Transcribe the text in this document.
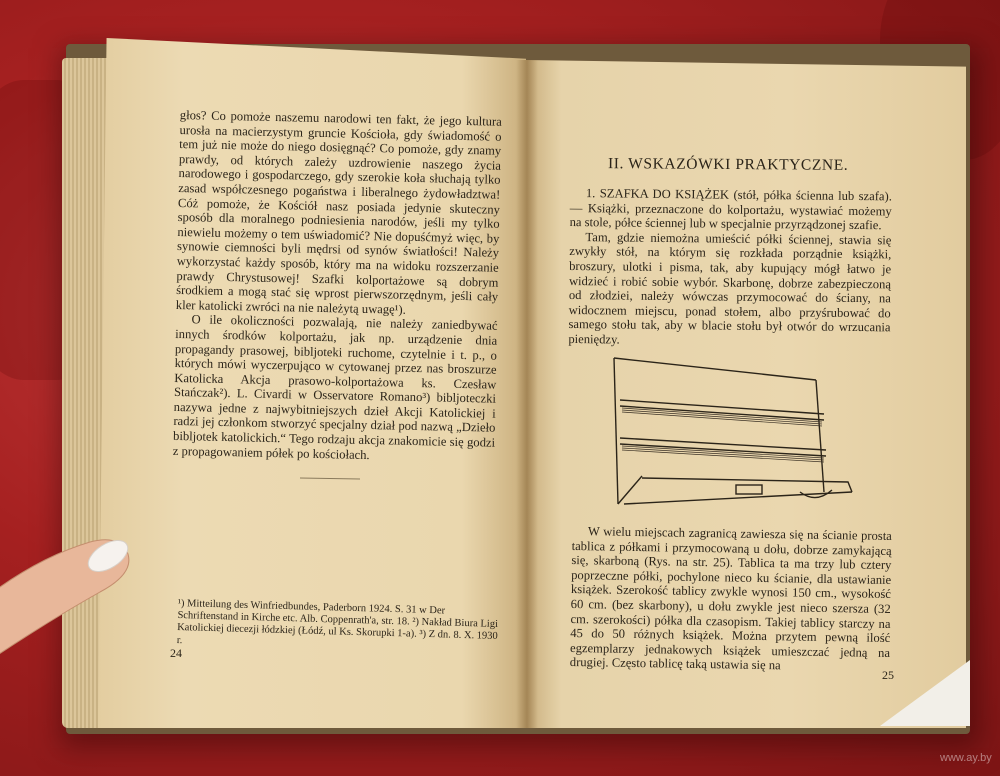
głos? Co pomoże naszemu narodowi ten fakt, że jego kultura urosła na macierzystym gruncie Kościoła, gdy świadomość o tem już nie może do niego dosięgnąć? Co pomoże, gdy znamy prawdy, od których zależy uzdrowienie naszego życia narodowego i gospodarczego, gdy szerokie koła słuchają tylko zasad współczesnego pogaństwa i liberalnego żydowładztwa! Cóż pomoże, że Kościół nasz posiada jedynie skuteczny sposób dla moralnego podniesienia narodów, jeśli my tylko niewielu możemy o tem uświadomić? Nie dopuśćmyż więc, by synowie ciemności byli mędrsi od synów światłości! Należy wykorzystać każdy sposób, który ma na widoku rozszerzanie prawdy Chrystusowej! Szafki kolportażowe są dobrym środkiem a mogą stać się wprost pierwszorzędnym, jeśli cały kler katolicki zwróci na nie należytą uwagę¹).

O ile okoliczności pozwalają, nie należy zaniedbywać innych środków kolportażu, jak np. urządzenie dnia propagandy prasowej, bibljoteki ruchome, czytelnie i t. p., o których mówi wyczerpująco w cytowanej przez nas broszurze Katolicka Akcja prasowo-kolportażowa ks. Czesław Stańczak²). L. Civardi w Osservatore Romano³) bibljoteczki nazywa jedne z najwybitniejszych dzieł Akcji Katolickiej i radzi jej członkom stworzyć specjalny dział pod nazwą „Dzieło bibljotek katolickich.“ Tego rodzaju akcja znakomicie się godzi z propagowaniem półek po kościołach.

¹) Mitteilung des Winfriedbundes, Paderborn 1924. S. 31 w Der Schriftenstand in Kirche etc. Alb. Coppenrath'a, str. 18. ²) Nakład Biura Ligi Katolickiej diecezji łódzkiej (Łódź, ul Ks. Skorupki 1-a). ³) Z dn. 8. X. 1930 r.

24
II. WSKAZÓWKI PRAKTYCZNE.

1. SZAFKA DO KSIĄŻEK (stół, półka ścienna lub szafa). — Książki, przeznaczone do kolportażu, wystawiać możemy na stole, półce ściennej lub w specjalnie przyrządzonej szafie.

Tam, gdzie niemożna umieścić półki ściennej, stawia się zwykły stół, na którym się rozkłada porządnie książki, broszury, ulotki i pisma, tak, aby kupujący mógł łatwo je widzieć i robić sobie wybór. Skarbonę, dobrze zabezpieczoną od złodziei, należy wówczas przymocować do ściany, na widocznem miejscu, ponad stołem, albo przyśrubować do samego stołu tak, aby w blacie stołu był otwór do wrzucania pieniędzy.

W wielu miejscach zagranicą zawiesza się na ścianie prosta tablica z półkami i przymocowaną u dołu, dobrze zamykającą się, skarboną (Rys. na str. 25). Tablica ta ma trzy lub cztery poprzeczne półki, pochylone nieco ku ścianie, dla ustawianie książek. Szerokość tablicy zwykle wynosi 150 cm., wysokość 60 cm. (bez skarbony), u dołu zwykle jest nieco szersza (32 cm. szerokości) półka dla czasopism. Takiej tablicy starczy na 45 do 50 różnych książek. Można przytem pewną ilość egzemplarzy jednakowych książek umieszczać jedną na drugiej. Często tablicę taką ustawia się na

25
www.ay.by
